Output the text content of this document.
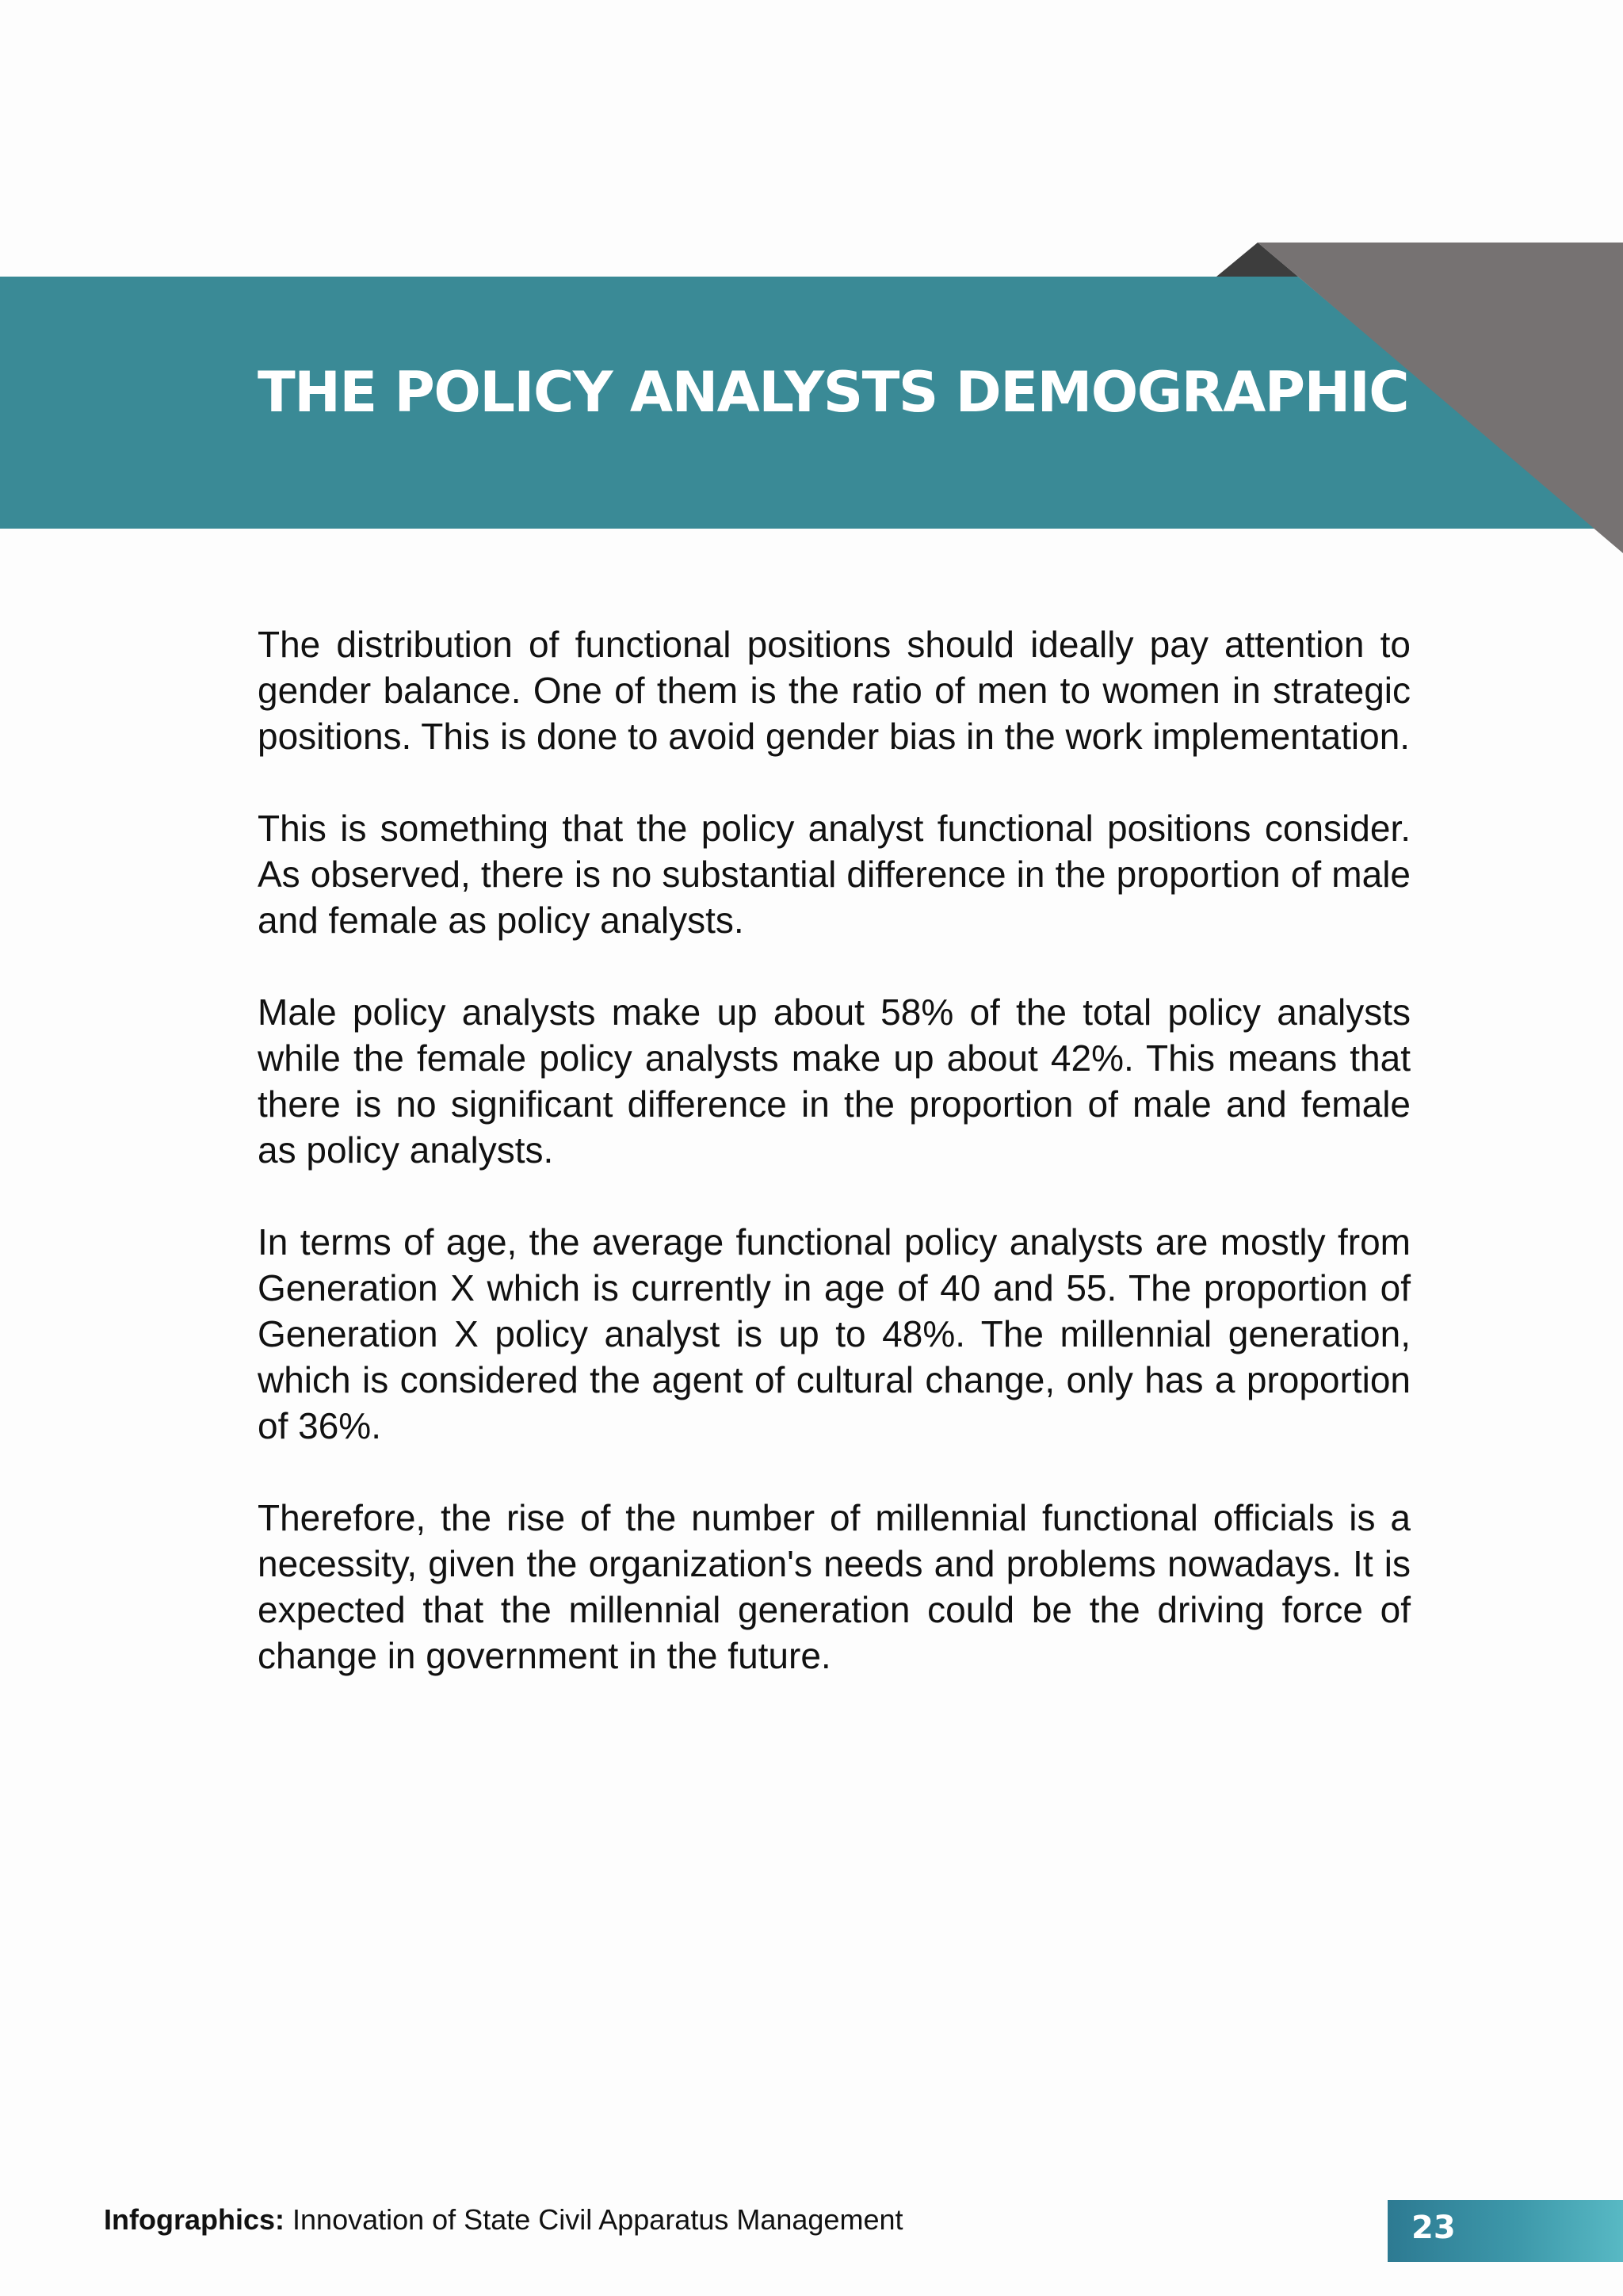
THE POLICY ANALYSTS DEMOGRAPHIC

The distribution of functional positions should ideally pay attention to gender balance. One of them is the ratio of men to women in strategic positions. This is done to avoid gender bias in the work implementation.

This is something that the policy analyst functional positions consider. As observed, there is no substantial difference in the proportion of male and female as policy analysts.

Male policy analysts make up about 58% of the total policy analysts while the female policy analysts make up about 42%. This means that there is no significant difference in the proportion of male and female as policy analysts.

In terms of age, the average functional policy analysts are mostly from Generation X which is currently in age of 40 and 55. The proportion of Generation X policy analyst is up to 48%. The millennial generation, which is considered the agent of cultural change, only has a proportion of 36%.

Therefore, the rise of the number of millennial functional officials is a necessity, given the organization's needs and problems nowadays. It is expected that the millennial generation could be the driving force of change in government in the future.

Infographics: Innovation of State Civil Apparatus Management	23
